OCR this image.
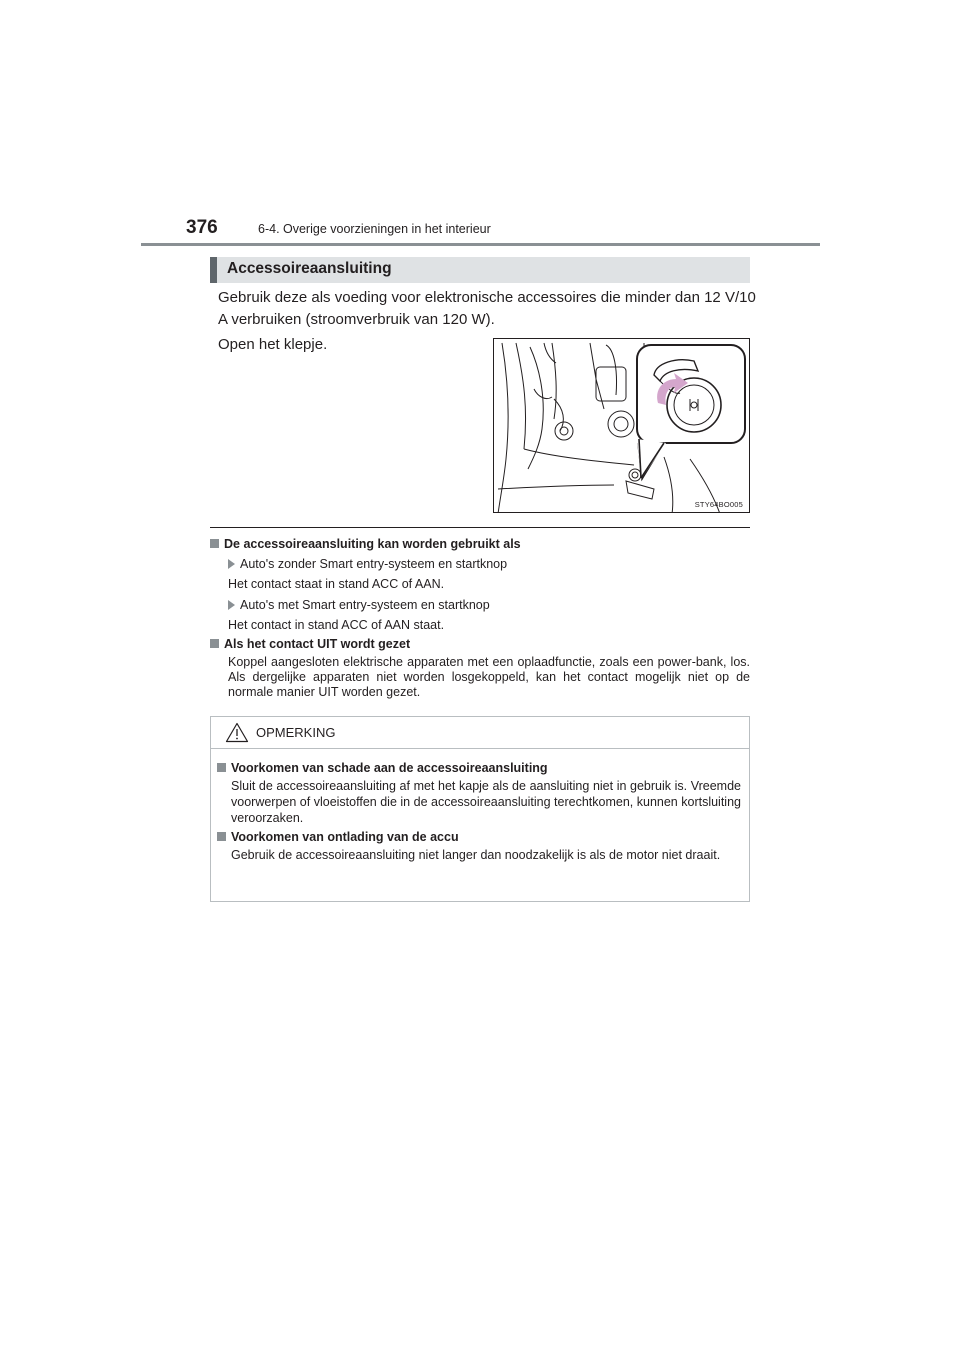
376	6-4. Overige voorzieningen in het interieur
Accessoireaansluiting
Gebruik deze als voeding voor elektronische accessoires die minder dan 12 V/10 A verbruiken (stroomverbruik van 120 W).
Open het klepje.
STY64BO005
De accessoireaansluiting kan worden gebruikt als
Auto's zonder Smart entry-systeem en startknop
Het contact staat in stand ACC of AAN.
Auto's met Smart entry-systeem en startknop
Het contact in stand ACC of AAN staat.
Als het contact UIT wordt gezet
Koppel aangesloten elektrische apparaten met een oplaadfunctie, zoals een power-bank, los. Als dergelijke apparaten niet worden losgekoppeld, kan het contact mogelijk niet op de normale manier UIT worden gezet.
OPMERKING
Voorkomen van schade aan de accessoireaansluiting
Sluit de accessoireaansluiting af met het kapje als de aansluiting niet in gebruik is. Vreemde voorwerpen of vloeistoffen die in de accessoireaansluiting terechtkomen, kunnen kortsluiting veroorzaken.
Voorkomen van ontlading van de accu
Gebruik de accessoireaansluiting niet langer dan noodzakelijk is als de motor niet draait.
